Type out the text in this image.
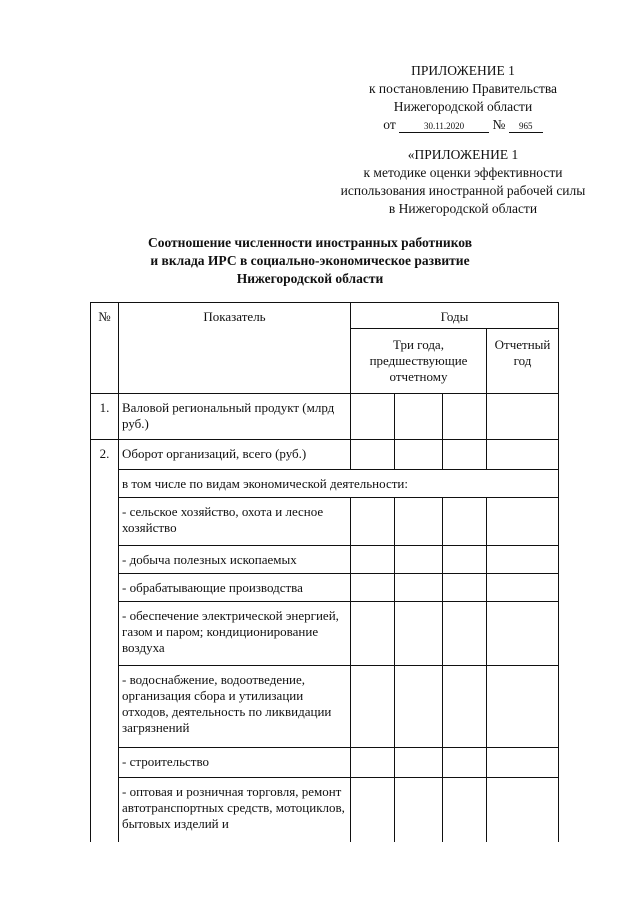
ПРИЛОЖЕНИЕ 1
к постановлению Правительства
Нижегородской области
от	30.11.2020 № 965
«ПРИЛОЖЕНИЕ 1
к методике оценки эффективности
использования иностранной рабочей силы
в Нижегородской области
Соотношение численности иностранных работников
и вклада ИРС в социально-экономическое развитие
Нижегородской области
№	Показатель	Годы			
		Три года, предшествующие отчетному			Отчетный год
1.	Валовой региональный продукт (млрд руб.)				
2.	Оборот организаций, всего (руб.)				
	в том числе по видам экономической деятельности:				
	- сельское хозяйство, охота и лесное хозяйство				
	- добыча полезных ископаемых				
	- обрабатывающие производства				
	- обеспечение электрической энергией, газом и паром; кондиционирование воздуха				
	- водоснабжение, водоотведение, организация сбора и утилизации отходов, деятельность по ликвидации загрязнений				
	- строительство				
	- оптовая и розничная торговля, ремонт автотранспортных средств, мотоциклов, бытовых изделий и				
